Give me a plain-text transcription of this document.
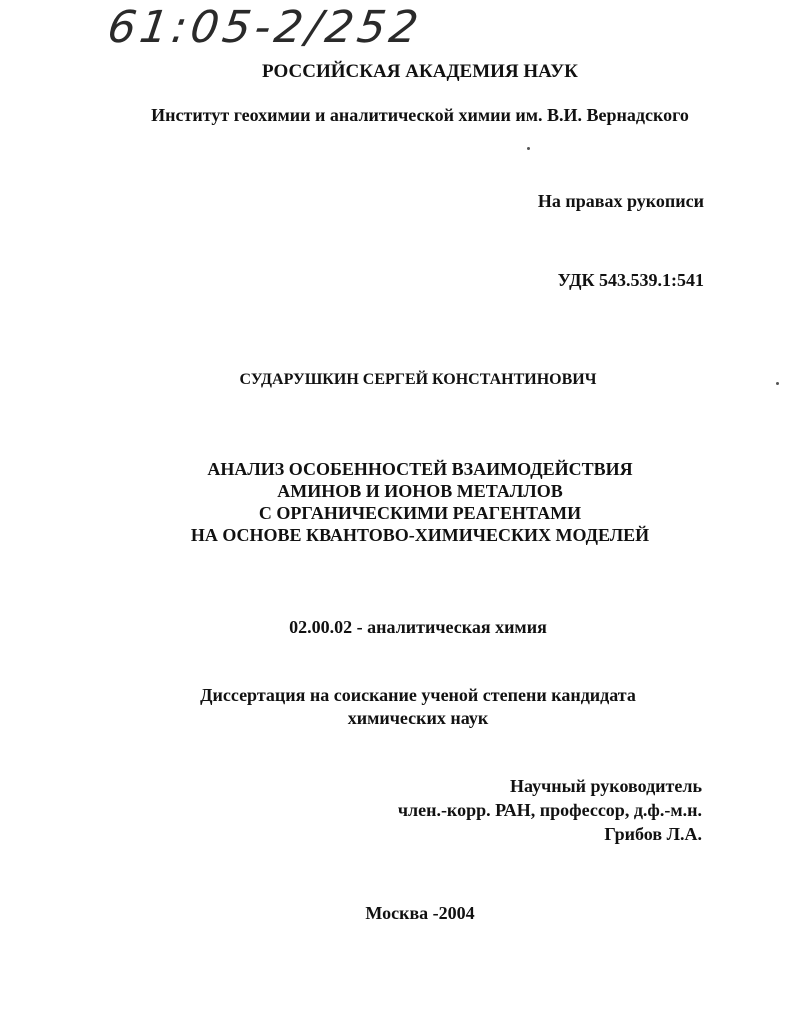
61:05-2/252
РОССИЙСКАЯ АКАДЕМИЯ НАУК
Институт геохимии и аналитической химии им. В.И. Вернадского
На правах рукописи
УДК 543.539.1:541
СУДАРУШКИН СЕРГЕЙ КОНСТАНТИНОВИЧ
АНАЛИЗ ОСОБЕННОСТЕЙ ВЗАИМОДЕЙСТВИЯ
АМИНОВ И ИОНОВ МЕТАЛЛОВ
С ОРГАНИЧЕСКИМИ РЕАГЕНТАМИ
НА ОСНОВЕ КВАНТОВО-ХИМИЧЕСКИХ МОДЕЛЕЙ
02.00.02 - аналитическая химия
Диссертация на соискание ученой степени кандидата
химических наук
Научный руководитель
член.-корр. РАН, профессор, д.ф.-м.н.
Грибов Л.А.
Москва -2004
